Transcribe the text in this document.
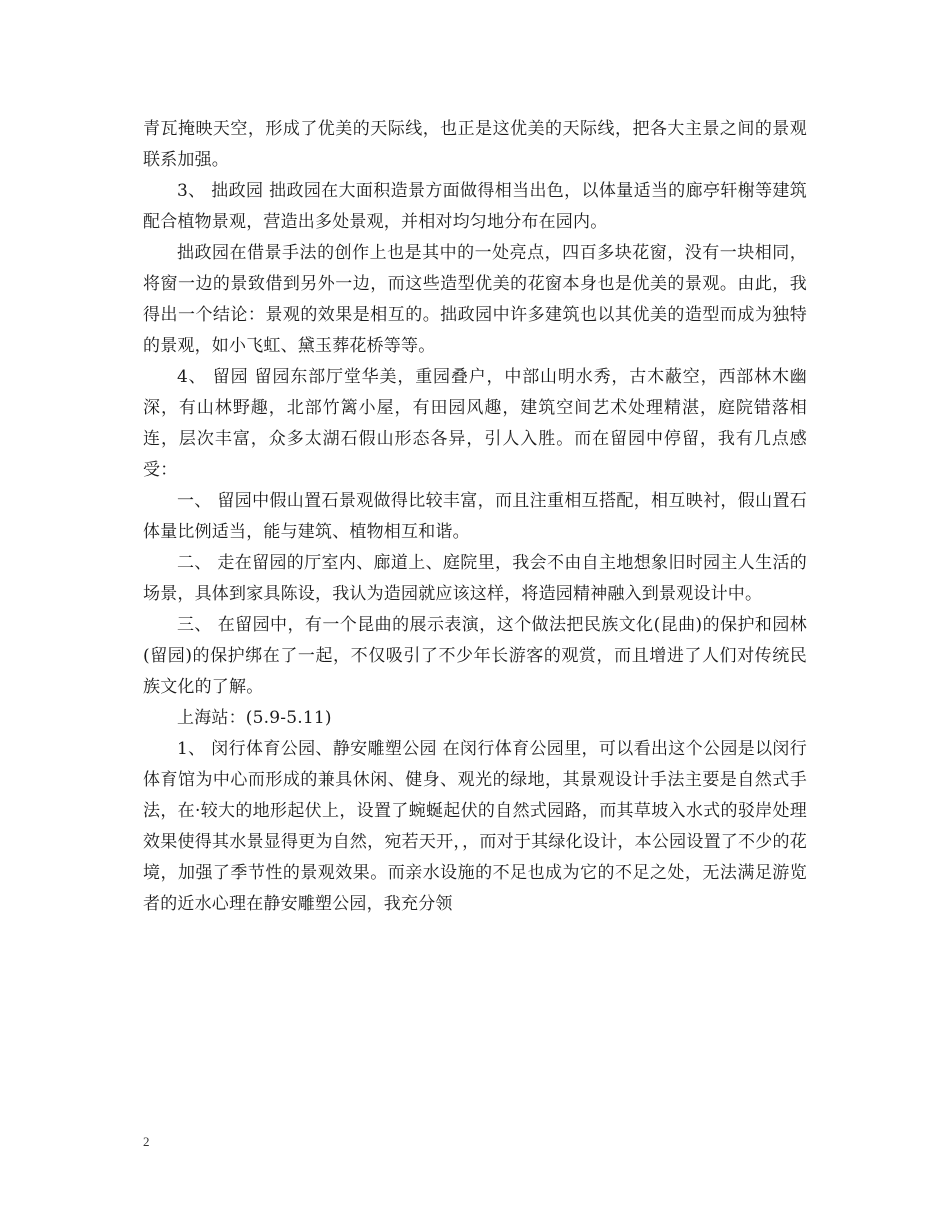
青瓦掩映天空，形成了优美的天际线，也正是这优美的天际线，把各大主景之间的景观联系加强。

3、 拙政园 拙政园在大面积造景方面做得相当出色，以体量适当的廊亭轩榭等建筑配合植物景观，营造出多处景观，并相对均匀地分布在园内。

拙政园在借景手法的创作上也是其中的一处亮点，四百多块花窗，没有一块相同，将窗一边的景致借到另外一边，而这些造型优美的花窗本身也是优美的景观。由此，我得出一个结论：景观的效果是相互的。拙政园中许多建筑也以其优美的造型而成为独特的景观，如小飞虹、黛玉葬花桥等等。

4、 留园 留园东部厅堂华美，重园叠户，中部山明水秀，古木蔽空，西部林木幽深，有山林野趣，北部竹篱小屋，有田园风趣，建筑空间艺术处理精湛，庭院错落相连，层次丰富，众多太湖石假山形态各异，引人入胜。而在留园中停留，我有几点感受：

一、 留园中假山置石景观做得比较丰富，而且注重相互搭配，相互映衬，假山置石体量比例适当，能与建筑、植物相互和谐。

二、 走在留园的厅室内、廊道上、庭院里，我会不由自主地想象旧时园主人生活的场景，具体到家具陈设，我认为造园就应该这样，将造园精神融入到景观设计中。

三、 在留园中，有一个昆曲的展示表演，这个做法把民族文化(昆曲)的保护和园林(留园)的保护绑在了一起，不仅吸引了不少年长游客的观赏，而且增进了人们对传统民族文化的了解。

上海站：(5.9-5.11)

1、 闵行体育公园、静安雕塑公园 在闵行体育公园里，可以看出这个公园是以闵行体育馆为中心而形成的兼具休闲、健身、观光的绿地，其景观设计手法主要是自然式手法，在·较大的地形起伏上，设置了蜿蜒起伏的自然式园路，而其草坡入水式的驳岸处理效果使得其水景显得更为自然，宛若天开，，而对于其绿化设计，本公园设置了不少的花境，加强了季节性的景观效果。而亲水设施的不足也成为它的不足之处，无法满足游览者的近水心理在静安雕塑公园，我充分领

2
